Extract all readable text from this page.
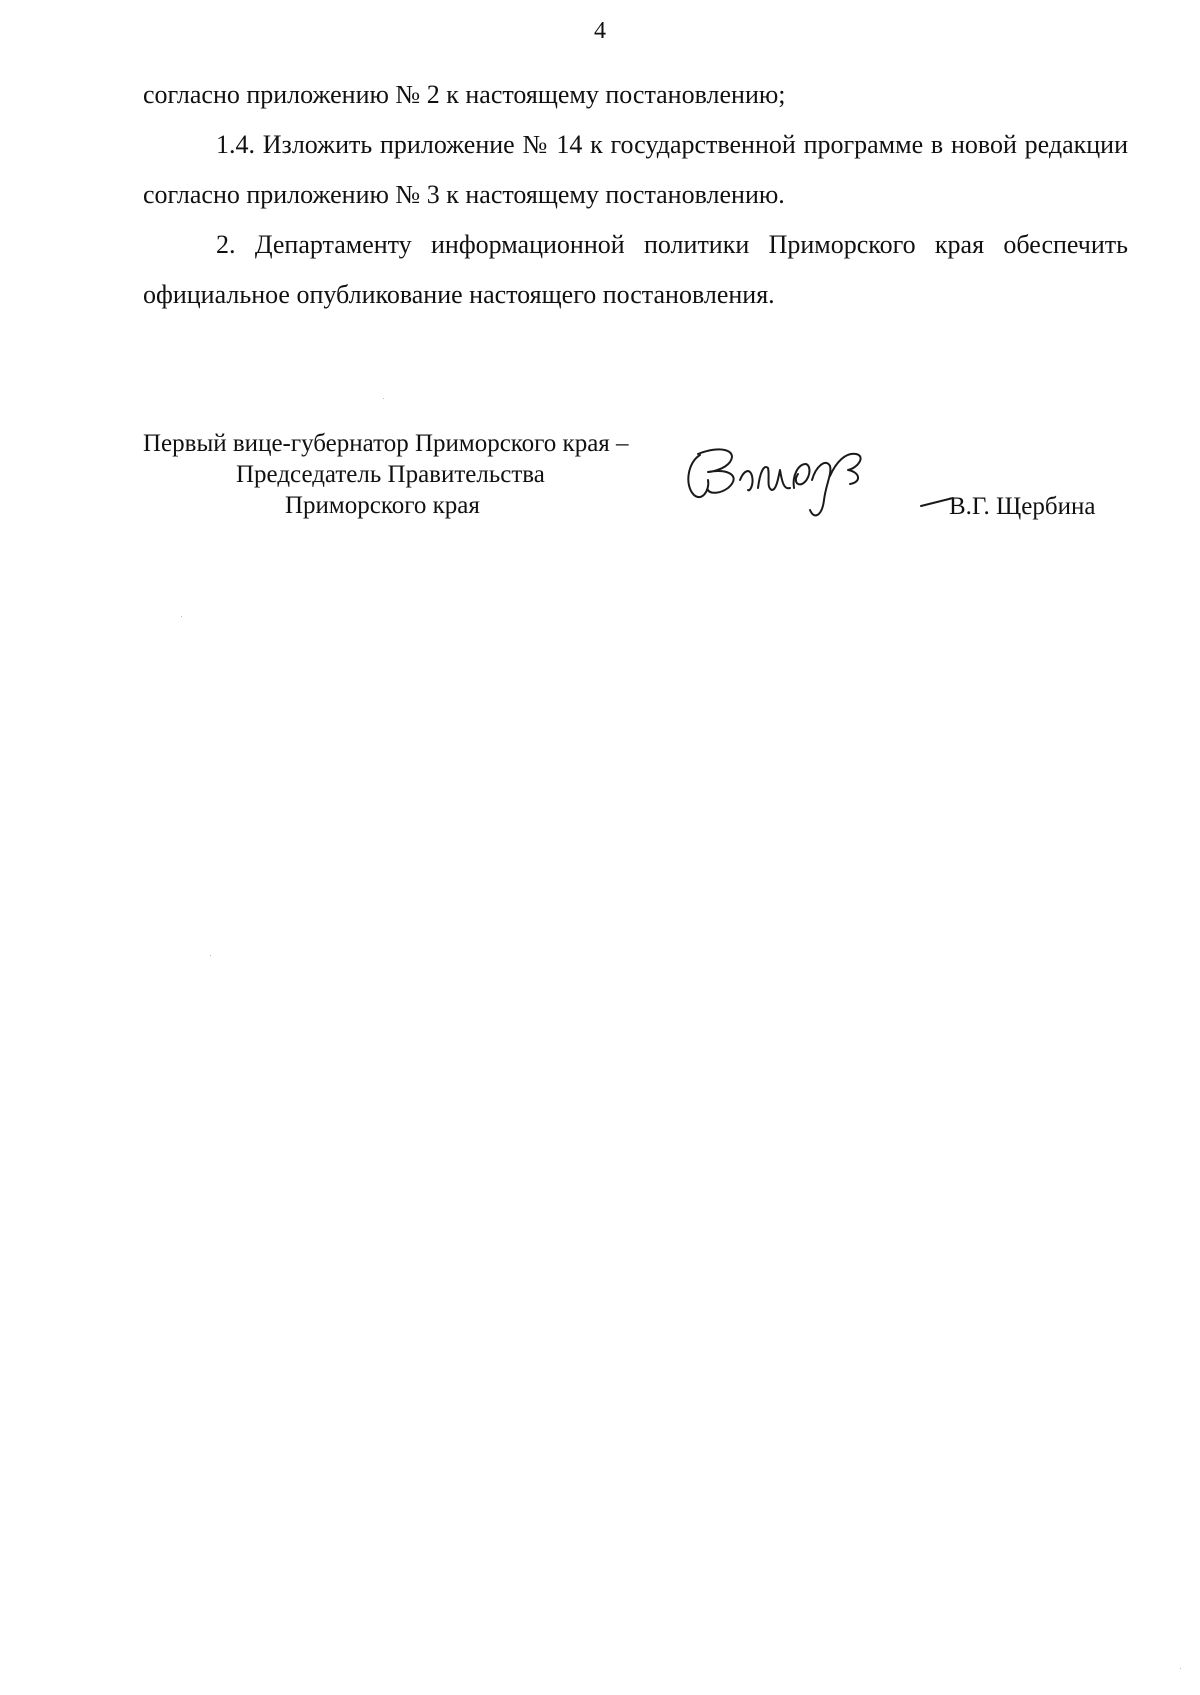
4

согласно приложению № 2 к настоящему постановлению;

1.4. Изложить приложение № 14 к государственной программе в новой редакции согласно приложению № 3 к настоящему постановлению.

2. Департаменту информационной политики Приморского края обеспечить официальное опубликование настоящего постановления.

Первый вице-губернатор Приморского края –
Председатель Правительства
Приморского края	В.Г. Щербина
